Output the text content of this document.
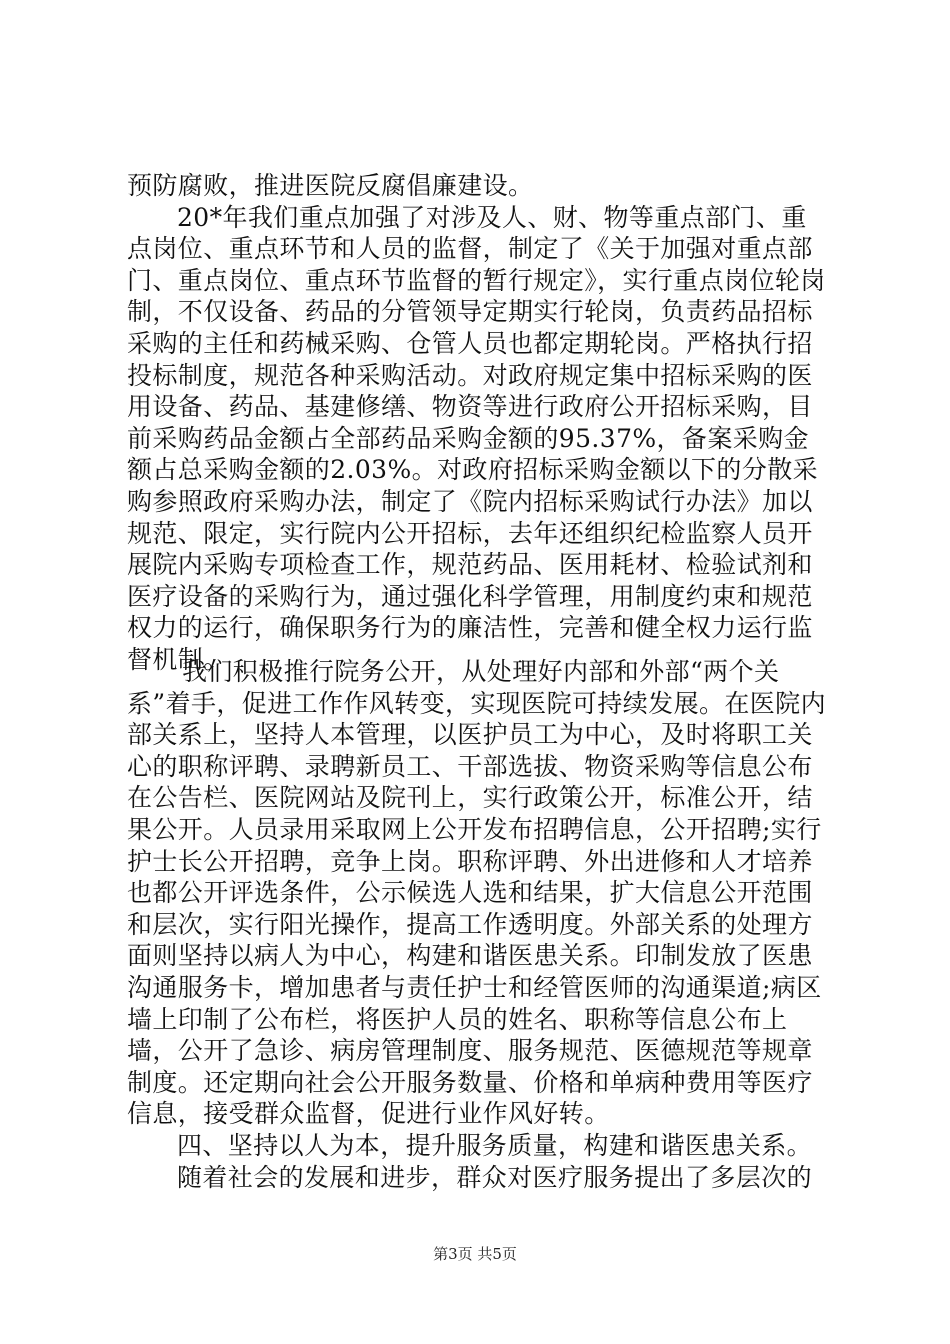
预防腐败，推进医院反腐倡廉建设。

20*年我们重点加强了对涉及人、财、物等重点部门、重点岗位、重点环节和人员的监督，制定了《关于加强对重点部门、重点岗位、重点环节监督的暂行规定》，实行重点岗位轮岗制，不仅设备、药品的分管领导定期实行轮岗，负责药品招标采购的主任和药械采购、仓管人员也都定期轮岗。严格执行招投标制度，规范各种采购活动。对政府规定集中招标采购的医用设备、药品、基建修缮、物资等进行政府公开招标采购，目前采购药品金额占全部药品采购金额的95.37%，备案采购金额占总采购金额的2.03%。对政府招标采购金额以下的分散采购参照政府采购办法，制定了《院内招标采购试行办法》加以规范、限定，实行院内公开招标，去年还组织纪检监察人员开展院内采购专项检查工作，规范药品、医用耗材、检验试剂和医疗设备的采购行为，通过强化科学管理，用制度约束和规范权力的运行，确保职务行为的廉洁性，完善和健全权力运行监督机制。

我们积极推行院务公开，从处理好内部和外部“两个关系”着手，促进工作作风转变，实现医院可持续发展。在医院内部关系上，坚持人本管理，以医护员工为中心，及时将职工关心的职称评聘、录聘新员工、干部选拔、物资采购等信息公布在公告栏、医院网站及院刊上，实行政策公开，标准公开，结果公开。人员录用采取网上公开发布招聘信息，公开招聘;实行护士长公开招聘，竞争上岗。职称评聘、外出进修和人才培养也都公开评选条件，公示候选人选和结果，扩大信息公开范围和层次，实行阳光操作，提高工作透明度。外部关系的处理方面则坚持以病人为中心，构建和谐医患关系。印制发放了医患沟通服务卡，增加患者与责任护士和经管医师的沟通渠道;病区墙上印制了公布栏，将医护人员的姓名、职称等信息公布上墙，公开了急诊、病房管理制度、服务规范、医德规范等规章制度。还定期向社会公开服务数量、价格和单病种费用等医疗信息，接受群众监督，促进行业作风好转。

四、坚持以人为本，提升服务质量，构建和谐医患关系。

随着社会的发展和进步，群众对医疗服务提出了多层次的

第3页 共5页
